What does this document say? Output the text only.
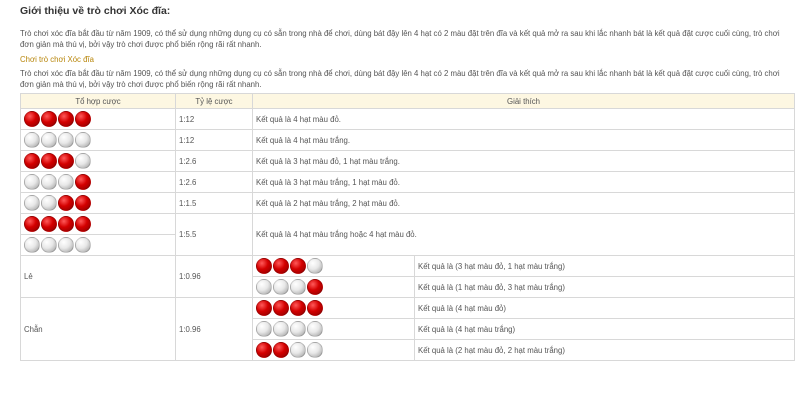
Giới thiệu về trò chơi Xóc đĩa:

Trò chơi xóc đĩa bắt đầu từ năm 1909, có thể sử dụng những dụng cụ có sẵn trong nhà để chơi, dùng bát đậy lên 4 hạt có 2 màu đặt trên đĩa và kết quả mở ra sau khi lắc nhanh bát là kết quả đặt cược cuối cùng, trò chơi đơn giản mà thú vị, bởi vậy trò chơi được phổ biến rộng rãi rất nhanh.

Chơi trò chơi Xóc đĩa

Trò chơi xóc đĩa bắt đầu từ năm 1909, có thể sử dụng những dụng cụ có sẵn trong nhà để chơi, dùng bát đậy lên 4 hạt có 2 màu đặt trên đĩa và kết quả mở ra sau khi lắc nhanh bát là kết quả đặt cược cuối cùng, trò chơi đơn giản mà thú vị, bởi vậy trò chơi được phổ biến rộng rãi rất nhanh.

Tổ hợp cược	Tỷ lệ cược	Giải thích	

	1:12	Kết quả là 4 hạt màu đỏ.	

	1:12	Kết quả là 4 hạt màu trắng.	

	1:2.6	Kết quả là 3 hạt màu đỏ, 1 hạt màu trắng.	

	1:2.6	Kết quả là 3 hạt màu trắng, 1 hạt màu đỏ.	

	1:1.5	Kết quả là 2 hạt màu trắng, 2 hạt màu đỏ.	

	1:5.5	Kết quả là 4 hạt màu trắng hoặc 4 hạt màu đỏ.	

Lẻ	1:0.96		Kết quả là (3 hạt màu đỏ, 1 hạt màu trắng)

			Kết quả là (1 hạt màu đỏ, 3 hạt màu trắng)
Chẵn	1:0.96		Kết quả là (4 hạt màu đỏ)

			Kết quả là (4 hạt màu trắng)

			Kết quả là (2 hạt màu đỏ, 2 hạt màu trắng)
